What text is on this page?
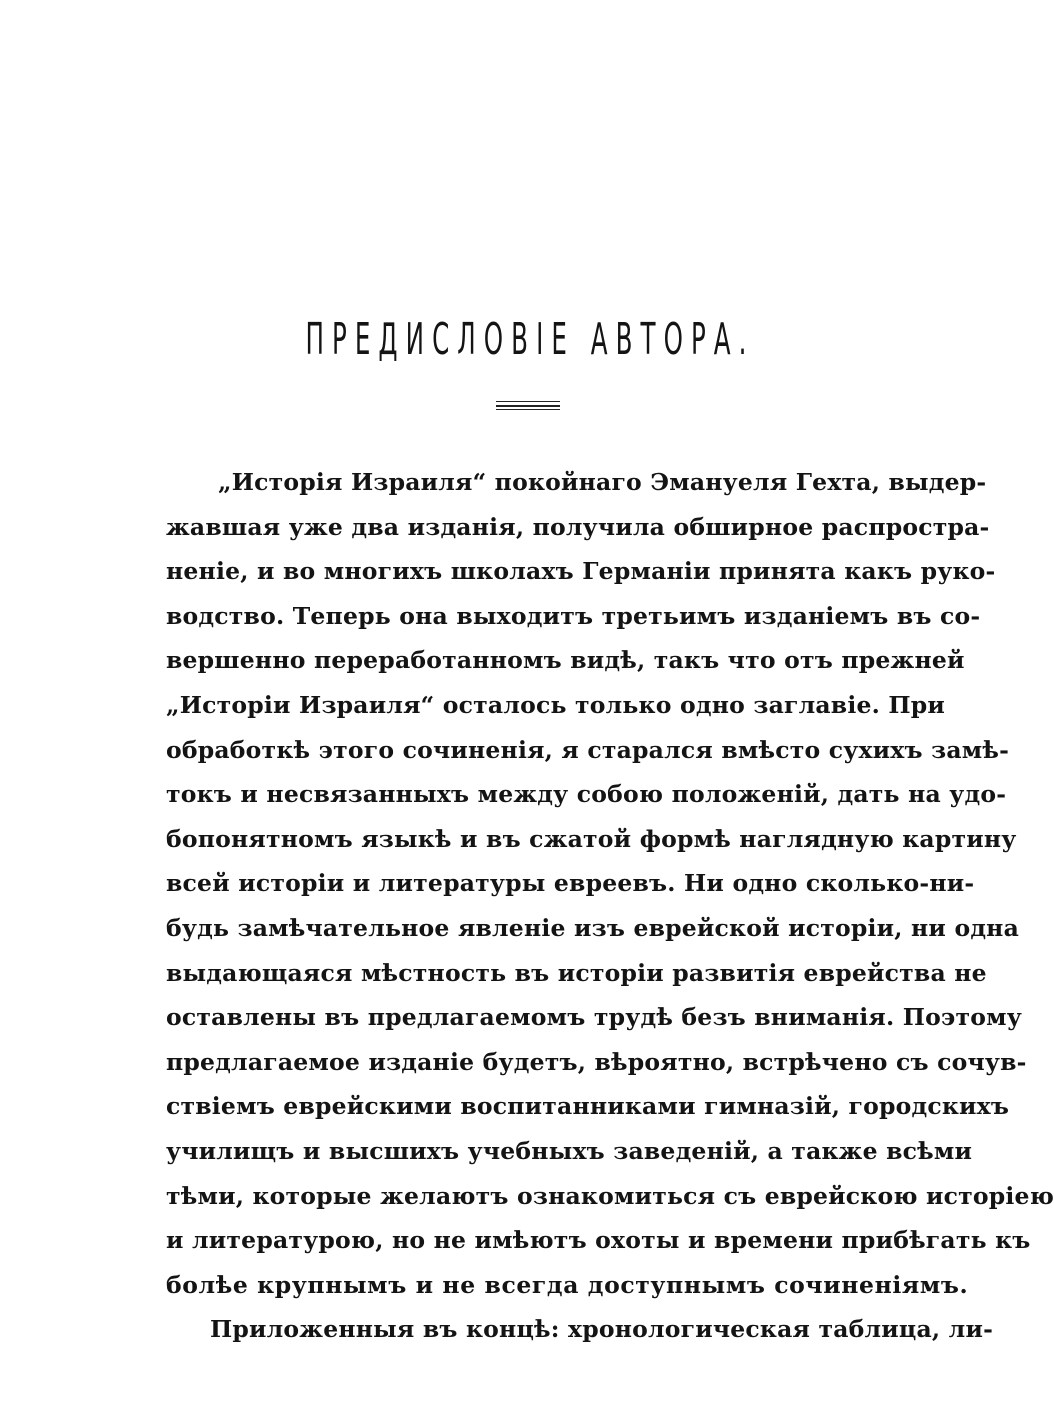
ПРЕДИСЛОВІЕ АВТОРА.
„Исторія Израиля“ покойнаго Эмануеля Гехта, выдер-
жавшая уже два изданія, получила обширное распростра-
неніе, и во многихъ школахъ Германіи принята какъ руко-
водство. Теперь она выходитъ третьимъ изданіемъ въ со-
вершенно переработанномъ видѣ, такъ что отъ прежней
„Исторіи Израиля“ осталось только одно заглавіе. При
обработкѣ этого сочиненія, я старался вмѣсто сухихъ замѣ-
токъ и несвязанныхъ между собою положеній, дать на удо-
бопонятномъ языкѣ и въ сжатой формѣ наглядную картину
всей исторіи и литературы евреевъ. Ни одно сколько-ни-
будь замѣчательное явленіе изъ еврейской исторіи, ни одна
выдающаяся мѣстность въ исторіи развитія еврейства не
оставлены въ предлагаемомъ трудѣ безъ вниманія. Поэтому
предлагаемое изданіе будетъ, вѣроятно, встрѣчено съ сочув-
ствіемъ еврейскими воспитанниками гимназій, городскихъ
училищъ и высшихъ учебныхъ заведеній, а также всѣми
тѣми, которые желаютъ ознакомиться съ еврейскою исторіею
и литературою, но не имѣютъ охоты и времени прибѣгать къ
болѣе крупнымъ и не всегда доступнымъ сочиненіямъ.
Приложенныя въ концѣ: хронологическая таблица, ли-
